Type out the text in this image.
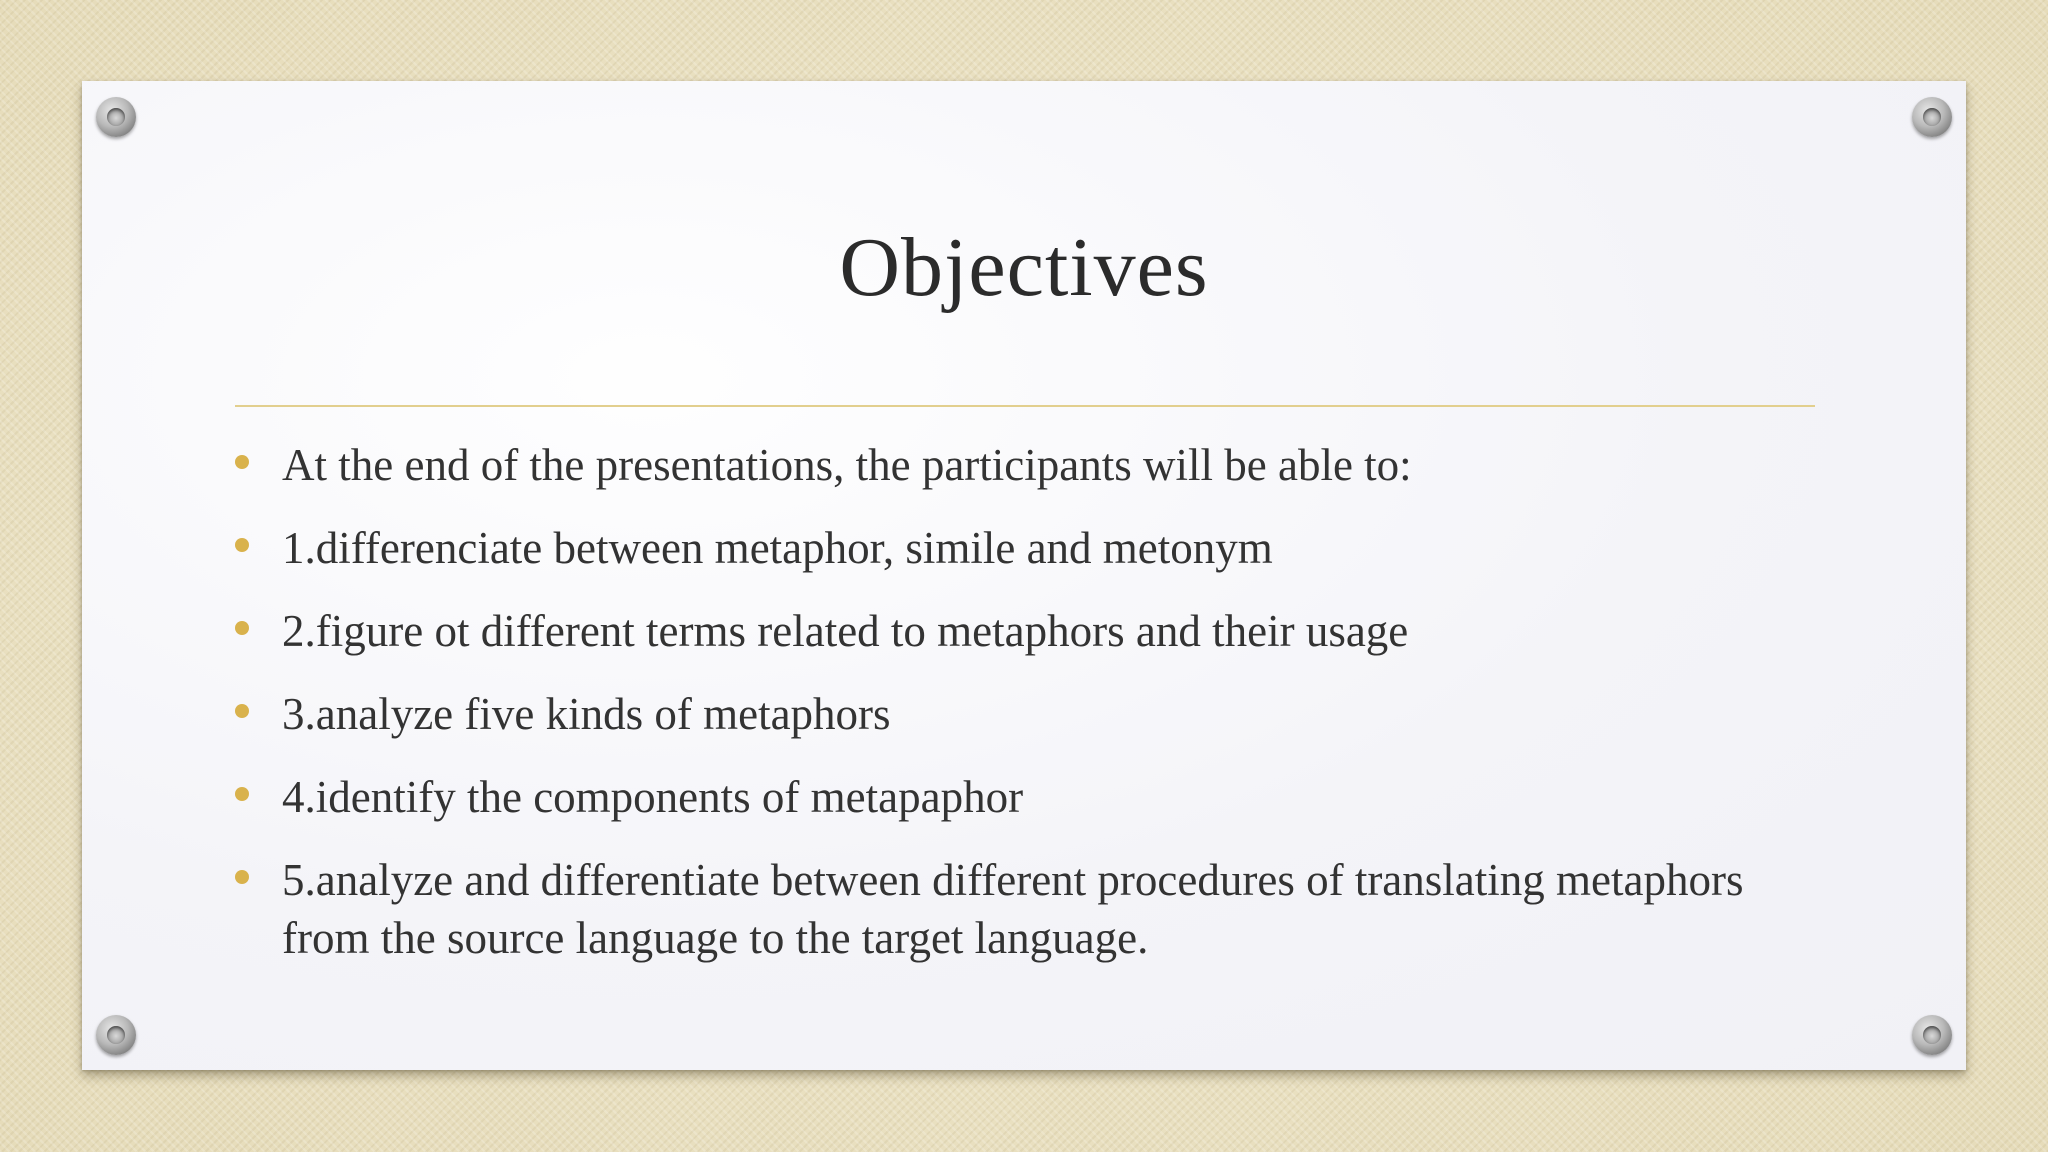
Objectives
At the end of the presentations, the participants will be able to:
1.differenciate between metaphor, simile and metonym
2.figure ot different terms related to metaphors and their usage
3.analyze five kinds of metaphors
4.identify the components of metapaphor
5.analyze and differentiate between different procedures of translating metaphors from the source language to the target language.
